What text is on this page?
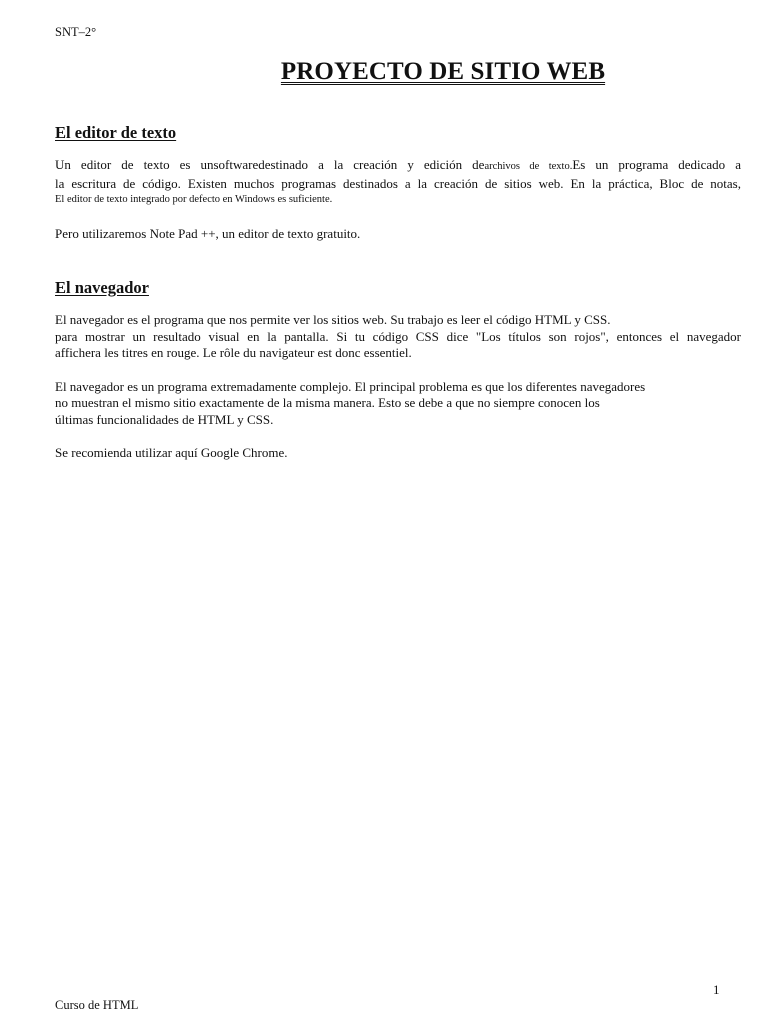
SNT–2°
PROYECTO DE SITIO WEB
El editor de texto

Un editor de texto es unsoftwaredestinado a la creación y edición dearchivos de texto.Es un programa dedicado a
la escritura de código. Existen muchos programas destinados a la creación de sitios web. En la práctica, Bloc de notas,
El editor de texto integrado por defecto en Windows es suficiente.

Pero utilizaremos Note Pad ++, un editor de texto gratuito.

El navegador

El navegador es el programa que nos permite ver los sitios web. Su trabajo es leer el código HTML y CSS.
para mostrar un resultado visual en la pantalla. Si tu código CSS dice "Los títulos son rojos", entonces el navegador
affichera les titres en rouge. Le rôle du navigateur est donc essentiel.

El navegador es un programa extremadamente complejo. El principal problema es que los diferentes navegadores
no muestran el mismo sitio exactamente de la misma manera. Esto se debe a que no siempre conocen los
últimas funcionalidades de HTML y CSS.

Se recomienda utilizar aquí Google Chrome.

1
Curso de HTML
